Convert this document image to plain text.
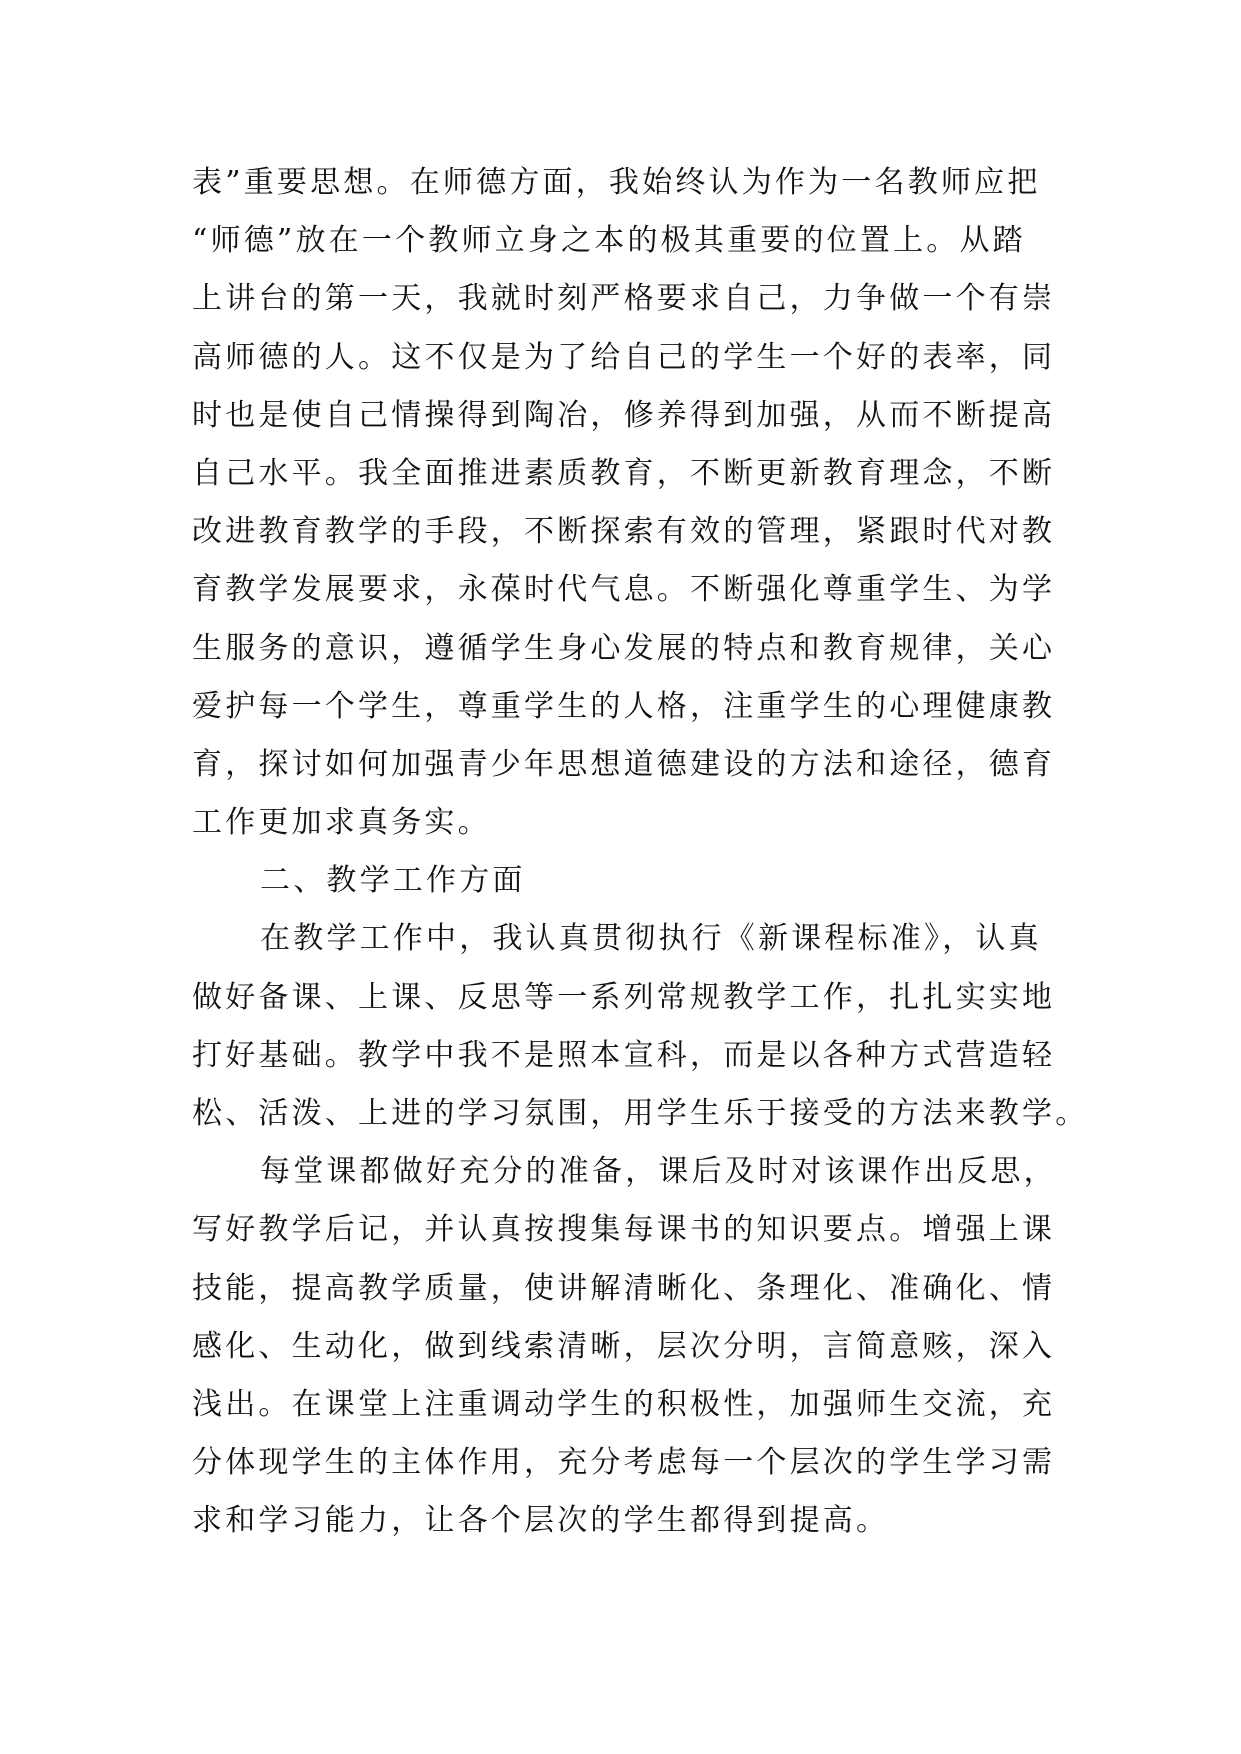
表”重要思想。在师德方面，我始终认为作为一名教师应把
“师德”放在一个教师立身之本的极其重要的位置上。从踏
上讲台的第一天，我就时刻严格要求自己，力争做一个有崇
高师德的人。这不仅是为了给自己的学生一个好的表率，同
时也是使自己情操得到陶冶，修养得到加强，从而不断提高
自己水平。我全面推进素质教育，不断更新教育理念，不断
改进教育教学的手段，不断探索有效的管理，紧跟时代对教
育教学发展要求，永葆时代气息。不断强化尊重学生、为学
生服务的意识，遵循学生身心发展的特点和教育规律，关心
爱护每一个学生，尊重学生的人格，注重学生的心理健康教
育，探讨如何加强青少年思想道德建设的方法和途径，德育
工作更加求真务实。
二、教学工作方面
在教学工作中，我认真贯彻执行《新课程标准》，认真
做好备课、上课、反思等一系列常规教学工作，扎扎实实地
打好基础。教学中我不是照本宣科，而是以各种方式营造轻
松、活泼、上进的学习氛围，用学生乐于接受的方法来教学。
每堂课都做好充分的准备，课后及时对该课作出反思，
写好教学后记，并认真按搜集每课书的知识要点。增强上课
技能，提高教学质量，使讲解清晰化、条理化、准确化、情
感化、生动化，做到线索清晰，层次分明，言简意赅，深入
浅出。在课堂上注重调动学生的积极性，加强师生交流，充
分体现学生的主体作用，充分考虑每一个层次的学生学习需
求和学习能力，让各个层次的学生都得到提高。
